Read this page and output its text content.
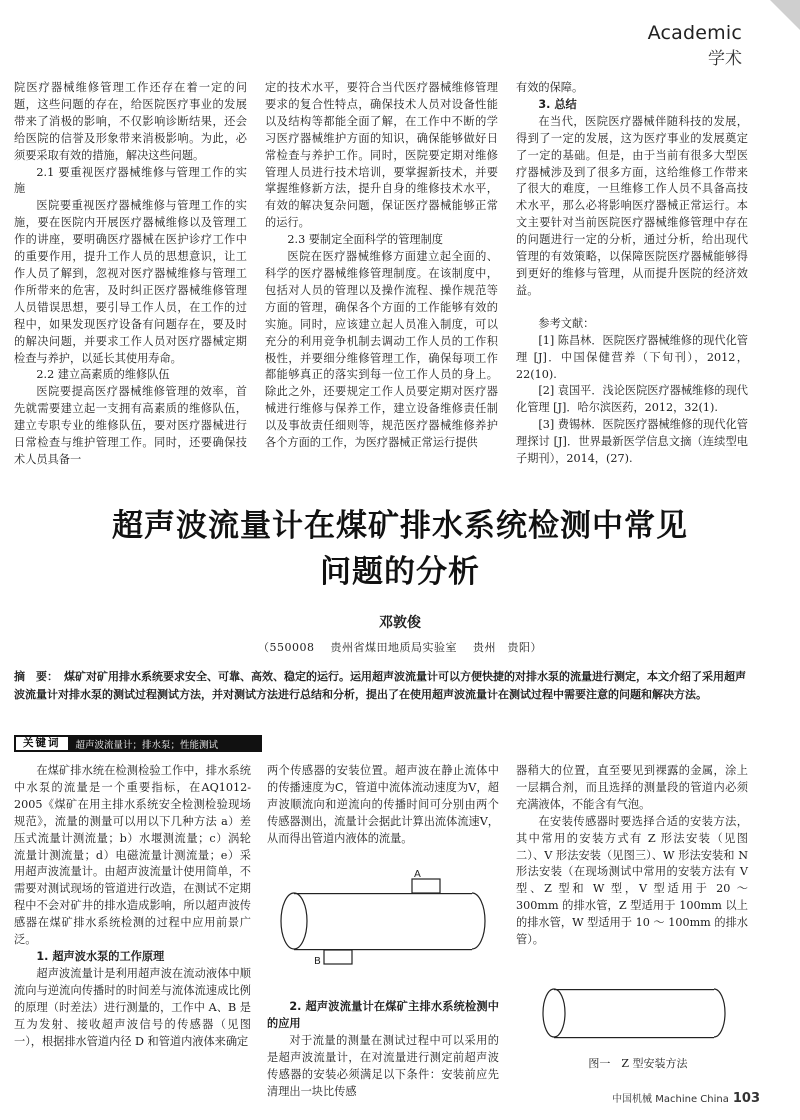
Academic
学术

院医疗器械维修管理工作还存在着一定的问题，这些问题的存在，给医院医疗事业的发展带来了消极的影响，不仅影响诊断结果，还会给医院的信誉及形象带来消极影响。为此，必须要采取有效的措施，解决这些问题。

2.1 要重视医疗器械维修与管理工作的实施

医院要重视医疗器械维修与管理工作的实施，要在医院内开展医疗器械维修以及管理工作的讲座，要明确医疗器械在医护诊疗工作中的重要作用，提升工作人员的思想意识，让工作人员了解到，忽视对医疗器械维修与管理工作所带来的危害，及时纠正医疗器械维修管理人员错误思想，要引导工作人员，在工作的过程中，如果发现医疗设备有问题存在，要及时的解决问题，并要求工作人员对医疗器械定期检查与养护，以延长其使用寿命。

2.2 建立高素质的维修队伍

医院要提高医疗器械维修管理的效率，首先就需要建立起一支拥有高素质的维修队伍，建立专职专业的维修队伍，要对医疗器械进行日常检查与维护管理工作。同时，还要确保技术人员具备一

定的技术水平，要符合当代医疗器械维修管理要求的复合性特点，确保技术人员对设备性能以及结构等都能全面了解，在工作中不断的学习医疗器械维护方面的知识，确保能够做好日常检查与养护工作。同时，医院要定期对维修管理人员进行技术培训，要掌握新技术，并要掌握维修新方法，提升自身的维修技术水平，有效的解决复杂问题，保证医疗器械能够正常的运行。

2.3 要制定全面科学的管理制度

医院在医疗器械维修方面建立起全面的、科学的医疗器械维修管理制度。在该制度中，包括对人员的管理以及操作流程、操作规范等方面的管理，确保各个方面的工作能够有效的实施。同时，应该建立起人员准入制度，可以充分的利用竞争机制去调动工作人员的工作积极性，并要细分维修管理工作，确保每项工作都能够真正的落实到每一位工作人员的身上。除此之外，还要规定工作人员要定期对医疗器械进行维修与保养工作，建立设备维修责任制以及事故责任细则等，规范医疗器械维修养护各个方面的工作，为医疗器械正常运行提供

有效的保障。

3. 总结

在当代，医院医疗器械伴随科技的发展，得到了一定的发展，这为医疗事业的发展奠定了一定的基础。但是，由于当前有很多大型医疗器械涉及到了很多方面，这给维修工作带来了很大的难度，一旦维修工作人员不具备高技术水平，那么必将影响医疗器械正常运行。本文主要针对当前医院医疗器械维修管理中存在的问题进行一定的分析，通过分析，给出现代管理的有效策略，以保障医院医疗器械能够得到更好的维修与管理，从而提升医院的经济效益。

参考文献：

[1] 陈昌林．医院医疗器械维修的现代化管理 [J]．中国保健营养（下旬刊），2012，22(10).

[2] 袁国平．浅论医院医疗器械维修的现代化管理 [J]．哈尔滨医药，2012，32(1).

[3] 费锡林．医院医疗器械维修的现代化管理探讨 [J]．世界最新医学信息文摘（连续型电子期刊），2014，(27).

超声波流量计在煤矿排水系统检测中常见
问题的分析
邓敦俊
（550008 贵州省煤田地质局实验室 贵州　贵阳）
摘　要： 煤矿对矿用排水系统要求安全、可靠、高效、稳定的运行。运用超声波流量计可以方便快捷的对排水泵的流量进行测定，本文介绍了采用超声波流量计对排水泵的测试过程测试方法，并对测试方法进行总结和分析，提出了在使用超声波流量计在测试过程中需要注意的问题和解决方法。
关键词	超声波流量计；排水泵；性能测试

在煤矿排水统在检测检验工作中，排水系统中水泵的流量是一个重要指标，在AQ1012-2005《煤矿在用主排水系统安全检测检验现场规范》，流量的测量可以用以下几种方法 a）差压式流量计测流量；b）水堰测流量；c）涡轮流量计测流量；d）电磁流量计测流量；e）采用超声波流量计。由超声波流量计使用简单，不需要对测试现场的管道进行改造，在测试不定期程中不会对矿井的排水造成影响，所以超声波传感器在煤矿排水系统检测的过程中应用前景广泛。

1. 超声波水泵的工作原理

超声波流量计是利用超声波在流动液体中顺流向与逆流向传播时的时间差与流体流速成比例的原理（时差法）进行测量的，工作中 A、B 是互为发射、接收超声波信号的传感器（见图一），根据排水管道内径 D 和管道内液体来确定

两个传感器的安装位置。超声波在静止流体中的传播速度为C，管道中流体流动速度为V，超声波顺流向和逆流向的传播时间可分别由两个传感器测出，流量计会据此计算出流体流速V，从而得出管道内液体的流量。

A
B

2. 超声波流量计在煤矿主排水系统检测中的应用

对于流量的测量在测试过程中可以采用的是超声波流量计，在对流量进行测定前超声波传感器的安装必须满足以下条件：安装前应先清理出一块比传感

器稍大的位置，直至要见到裸露的金属，涂上一层耦合剂，而且选择的测量段的管道内必须充满液体，不能含有气泡。

在安装传感器时要选择合适的安装方法，其中常用的安装方式有 Z 形法安装（见图二）、V 形法安装（见图三）、W 形法安装和 N 形法安装（在现场测试中常用的安装方法有 V 型、Z 型和 W 型，V 型适用于 20 ～ 300mm 的排水管，Z 型适用于 100mm 以上的排水管，W 型适用于 10 ～ 100mm 的排水管）。

图一　Z 型安装方法
中国机械 Machine China 103
